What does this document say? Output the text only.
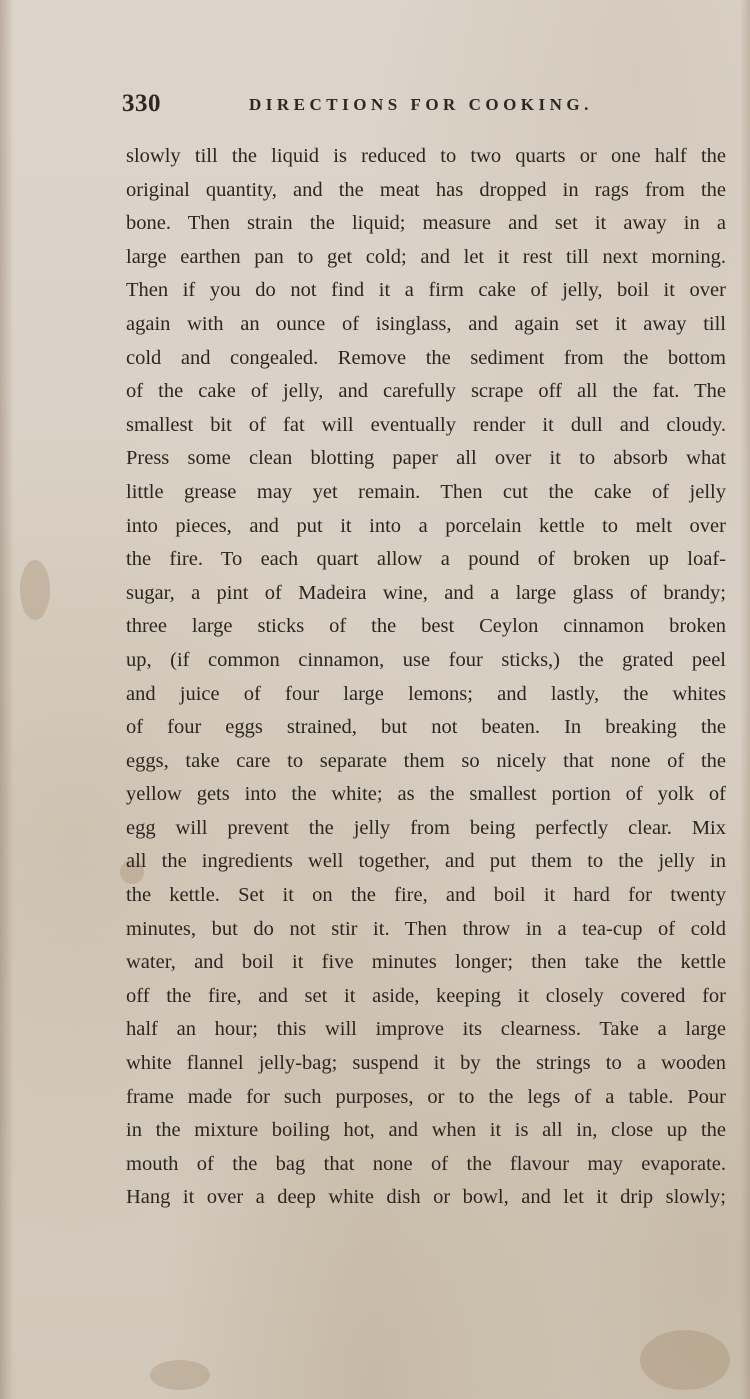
330	DIRECTIONS FOR COOKING.
slowly till the liquid is reduced to two quarts or one half the
original quantity, and the meat has dropped in rags from the
bone. Then strain the liquid; measure and set it away in a
large earthen pan to get cold; and let it rest till next morning.
Then if you do not find it a firm cake of jelly, boil it over
again with an ounce of isinglass, and again set it away till
cold and congealed. Remove the sediment from the bottom
of the cake of jelly, and carefully scrape off all the fat. The
smallest bit of fat will eventually render it dull and cloudy.
Press some clean blotting paper all over it to absorb what
little grease may yet remain. Then cut the cake of jelly
into pieces, and put it into a porcelain kettle to melt over
the fire. To each quart allow a pound of broken up loaf-
sugar, a pint of Madeira wine, and a large glass of brandy;
three large sticks of the best Ceylon cinnamon broken
up, (if common cinnamon, use four sticks,) the grated peel
and juice of four large lemons; and lastly, the whites
of four eggs strained, but not beaten. In breaking the
eggs, take care to separate them so nicely that none of the
yellow gets into the white; as the smallest portion of yolk of
egg will prevent the jelly from being perfectly clear. Mix
all the ingredients well together, and put them to the jelly in
the kettle. Set it on the fire, and boil it hard for twenty
minutes, but do not stir it. Then throw in a tea-cup of cold
water, and boil it five minutes longer; then take the kettle
off the fire, and set it aside, keeping it closely covered for
half an hour; this will improve its clearness. Take a large
white flannel jelly-bag; suspend it by the strings to a wooden
frame made for such purposes, or to the legs of a table. Pour
in the mixture boiling hot, and when it is all in, close up the
mouth of the bag that none of the flavour may evaporate.
Hang it over a deep white dish or bowl, and let it drip slowly;
